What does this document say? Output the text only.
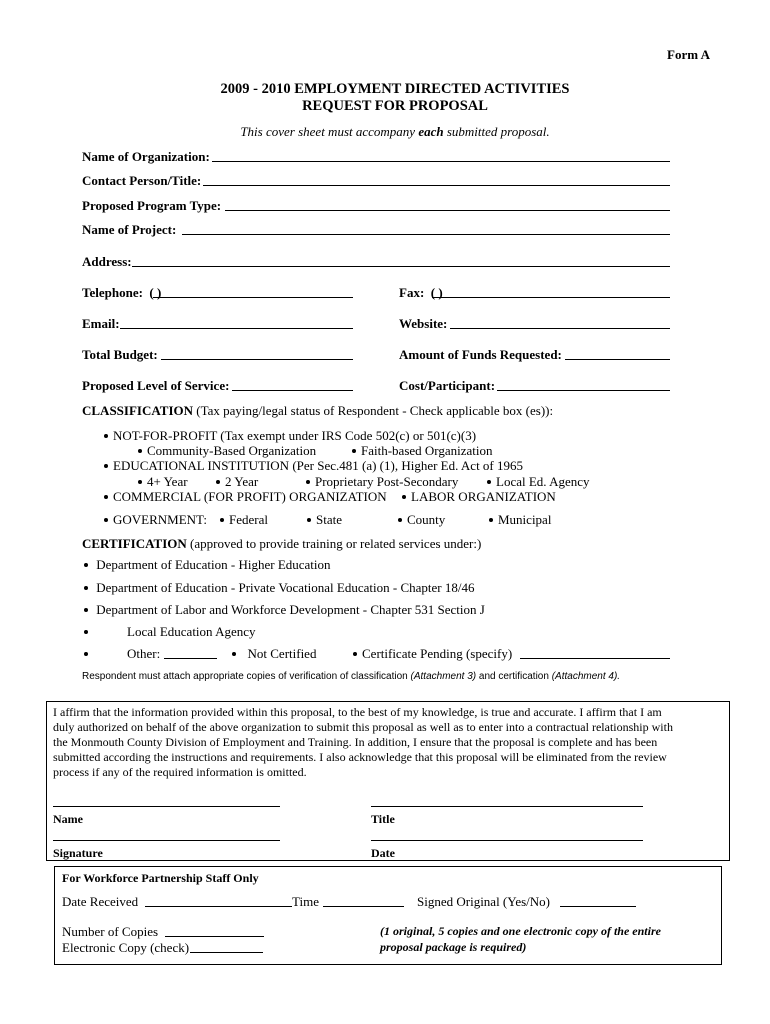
Form A
2009 - 2010 EMPLOYMENT DIRECTED ACTIVITIES
REQUEST FOR PROPOSAL
This cover sheet must accompany each submitted proposal.
Name of Organization:
Contact Person/Title:
Proposed Program Type:
Name of Project:
Address:
Telephone: ( )	Fax: ( )
Email:	Website:
Total Budget:	Amount of Funds Requested:
Proposed Level of Service:	Cost/Participant:
CLASSIFICATION (Tax paying/legal status of Respondent - Check applicable box (es)):
NOT-FOR-PROFIT (Tax exempt under IRS Code 502(c) or 501(c)(3)
Community-Based Organization	Faith-based Organization
EDUCATIONAL INSTITUTION (Per Sec.481 (a) (1), Higher Ed. Act of 1965
4+ Year	2 Year	Proprietary Post-Secondary	Local Ed. Agency
COMMERCIAL (FOR PROFIT) ORGANIZATION	LABOR ORGANIZATION
GOVERNMENT:	Federal	State	County	Municipal
CERTIFICATION (approved to provide training or related services under:)
Department of Education - Higher Education
Department of Education - Private Vocational Education - Chapter 18/46
Department of Labor and Workforce Development - Chapter 531 Section J
Local Education Agency
Other:	Not Certified	Certificate Pending (specify)
Respondent must attach appropriate copies of verification of classification (Attachment 3) and certification (Attachment 4).
I affirm that the information provided within this proposal, to the best of my knowledge, is true and accurate. I affirm that I am
duly authorized on behalf of the above organization to submit this proposal as well as to enter into a contractual relationship with
the Monmouth County Division of Employment and Training. In addition, I ensure that the proposal is complete and has been
submitted according the instructions and requirements. I also acknowledge that this proposal will be eliminated from the review
process if any of the required information is omitted.
Name	Title
Signature	Date
For Workforce Partnership Staff Only
Date Received	Time	Signed Original (Yes/No)
Number of Copies
Electronic Copy (check)
(1 original, 5 copies and one electronic copy of the entire
proposal package is required)
